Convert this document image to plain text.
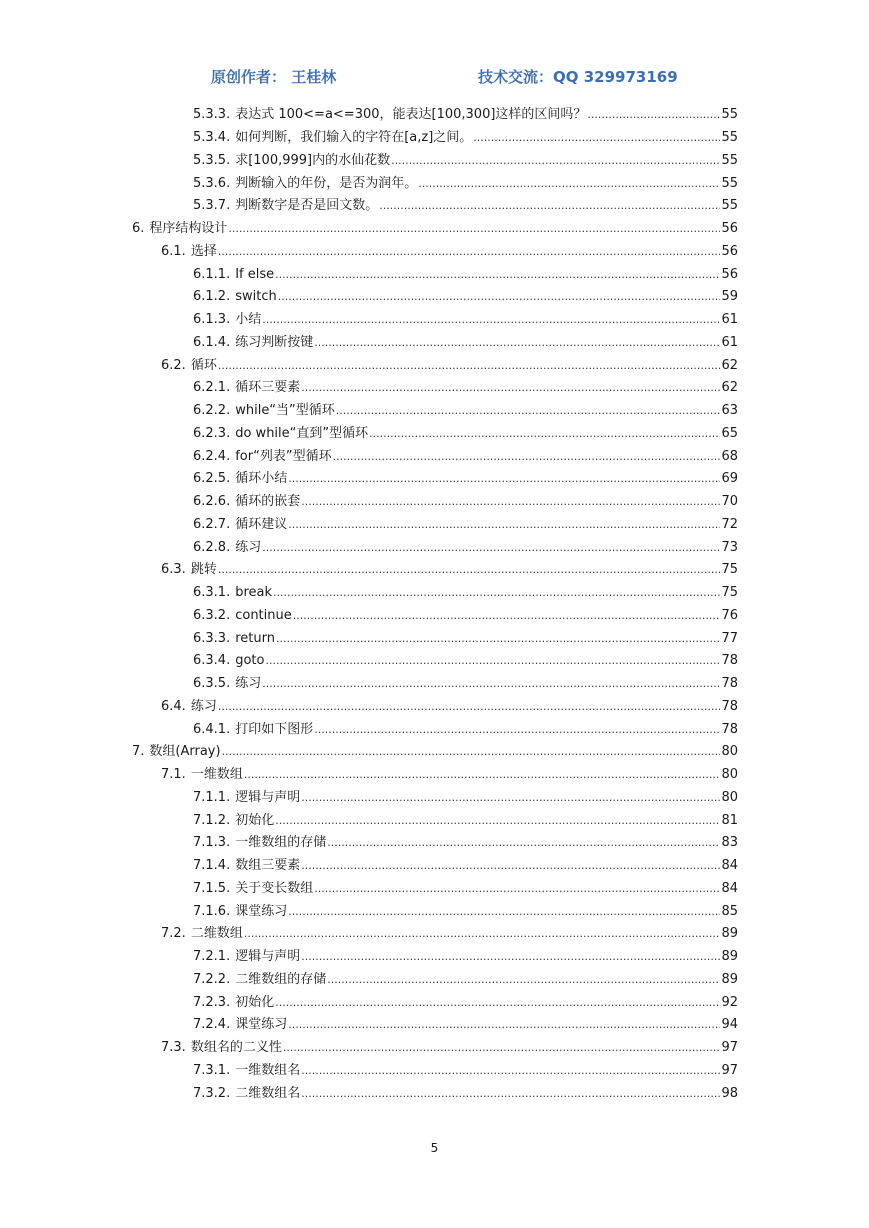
原创作者： 王桂林	技术交流：QQ 329973169
5.3.3. 表达式 100<=a<=300，能表达[100,300]这样的区间吗？ .....	55
5.3.4. 如何判断，我们输入的字符在[a,z]之间。 .....	55
5.3.5. 求[100,999]内的水仙花数 .....	55
5.3.6. 判断输入的年份，是否为润年。 .....	55
5.3.7. 判断数字是否是回文数。 .....	55
6. 程序结构设计 .....	56
6.1. 选择 .....	56
6.1.1. If else .....	56
6.1.2. switch .....	59
6.1.3. 小结 .....	61
6.1.4. 练习判断按键 .....	61
6.2. 循环 .....	62
6.2.1. 循环三要素 .....	62
6.2.2. while“当”型循环 .....	63
6.2.3. do while“直到”型循环 .....	65
6.2.4. for“列表”型循环 .....	68
6.2.5. 循环小结 .....	69
6.2.6. 循环的嵌套 .....	70
6.2.7. 循环建议 .....	72
6.2.8. 练习 .....	73
6.3. 跳转 .....	75
6.3.1. break .....	75
6.3.2. continue .....	76
6.3.3. return .....	77
6.3.4. goto .....	78
6.3.5. 练习 .....	78
6.4. 练习 .....	78
6.4.1. 打印如下图形 .....	78
7. 数组(Array) .....	80
7.1. 一维数组 .....	80
7.1.1. 逻辑与声明 .....	80
7.1.2. 初始化 .....	81
7.1.3. 一维数组的存储 .....	83
7.1.4. 数组三要素 .....	84
7.1.5. 关于变长数组 .....	84
7.1.6. 课堂练习 .....	85
7.2. 二维数组 .....	89
7.2.1. 逻辑与声明 .....	89
7.2.2. 二维数组的存储 .....	89
7.2.3. 初始化 .....	92
7.2.4. 课堂练习 .....	94
7.3. 数组名的二义性 .....	97
7.3.1. 一维数组名 .....	97
7.3.2. 二维数组名 .....	98
5
